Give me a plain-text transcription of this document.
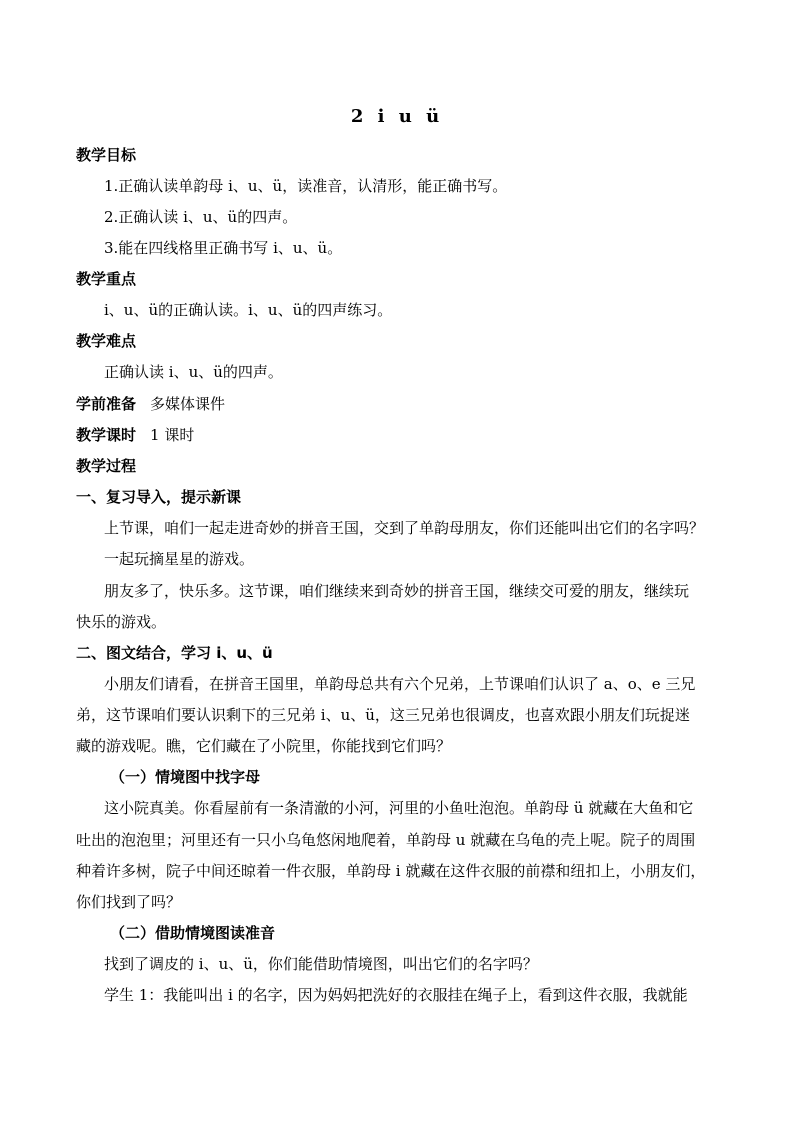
2 i u ü
教学目标
1.正确认读单韵母 i、u、ü，读准音，认清形，能正确书写。
2.正确认读 i、u、ü的四声。
3.能在四线格里正确书写 i、u、ü。
教学重点
i、u、ü的正确认读。i、u、ü的四声练习。
教学难点
正确认读 i、u、ü的四声。
学前准备 多媒体课件
教学课时 1 课时
教学过程
一、复习导入，提示新课
上节课，咱们一起走进奇妙的拼音王国，交到了单韵母朋友，你们还能叫出它们的名字吗？
一起玩摘星星的游戏。
朋友多了，快乐多。这节课，咱们继续来到奇妙的拼音王国，继续交可爱的朋友，继续玩
快乐的游戏。
二、图文结合，学习 i、u、ü
小朋友们请看，在拼音王国里，单韵母总共有六个兄弟，上节课咱们认识了 a、o、e 三兄
弟，这节课咱们要认识剩下的三兄弟 i、u、ü，这三兄弟也很调皮，也喜欢跟小朋友们玩捉迷
藏的游戏呢。瞧，它们藏在了小院里，你能找到它们吗？
（一）情境图中找字母
这小院真美。你看屋前有一条清澈的小河，河里的小鱼吐泡泡。单韵母 ü 就藏在大鱼和它
吐出的泡泡里；河里还有一只小乌龟悠闲地爬着，单韵母 u 就藏在乌龟的壳上呢。院子的周围
种着许多树，院子中间还晾着一件衣服，单韵母 i 就藏在这件衣服的前襟和纽扣上，小朋友们，
你们找到了吗？
（二）借助情境图读准音
找到了调皮的 i、u、ü，你们能借助情境图，叫出它们的名字吗？
学生 1：我能叫出 i 的名字，因为妈妈把洗好的衣服挂在绳子上，看到这件衣服，我就能
